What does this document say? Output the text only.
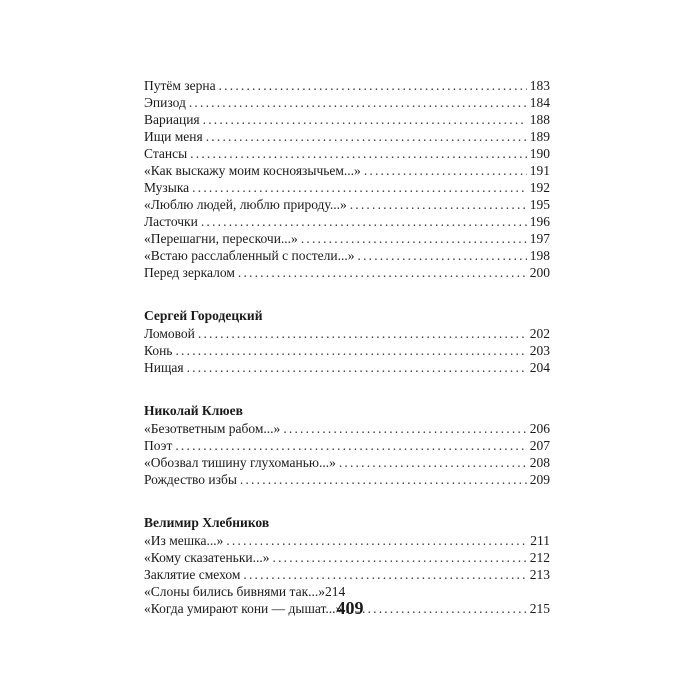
Путём зерна .....	183
Эпизод .....	184
Вариация .....	188
Ищи меня .....	189
Стансы .....	190
«Как выскажу моим косноязычьем...» .....	191
Музыка .....	192
«Люблю людей, люблю природу...» .....	195
Ласточки .....	196
«Перешагни, перескочи...» .....	197
«Встаю расслабленный с постели...» .....	198
Перед зеркалом .....	200
Сергей Городецкий
Ломовой .....	202
Конь .....	203
Нищая .....	204
Николай Клюев
«Безответным рабом...» .....	206
Поэт .....	207
«Обозвал тишину глухоманью...» .....	208
Рождество избы .....	209
Велимир Хлебников
«Из мешка...» .....	211
«Кому сказатеньки...» .....	212
Заклятие смехом .....	213
«Слоны бились бивнями так...» 214
«Когда умирают кони — дышат...» .....	215
409
